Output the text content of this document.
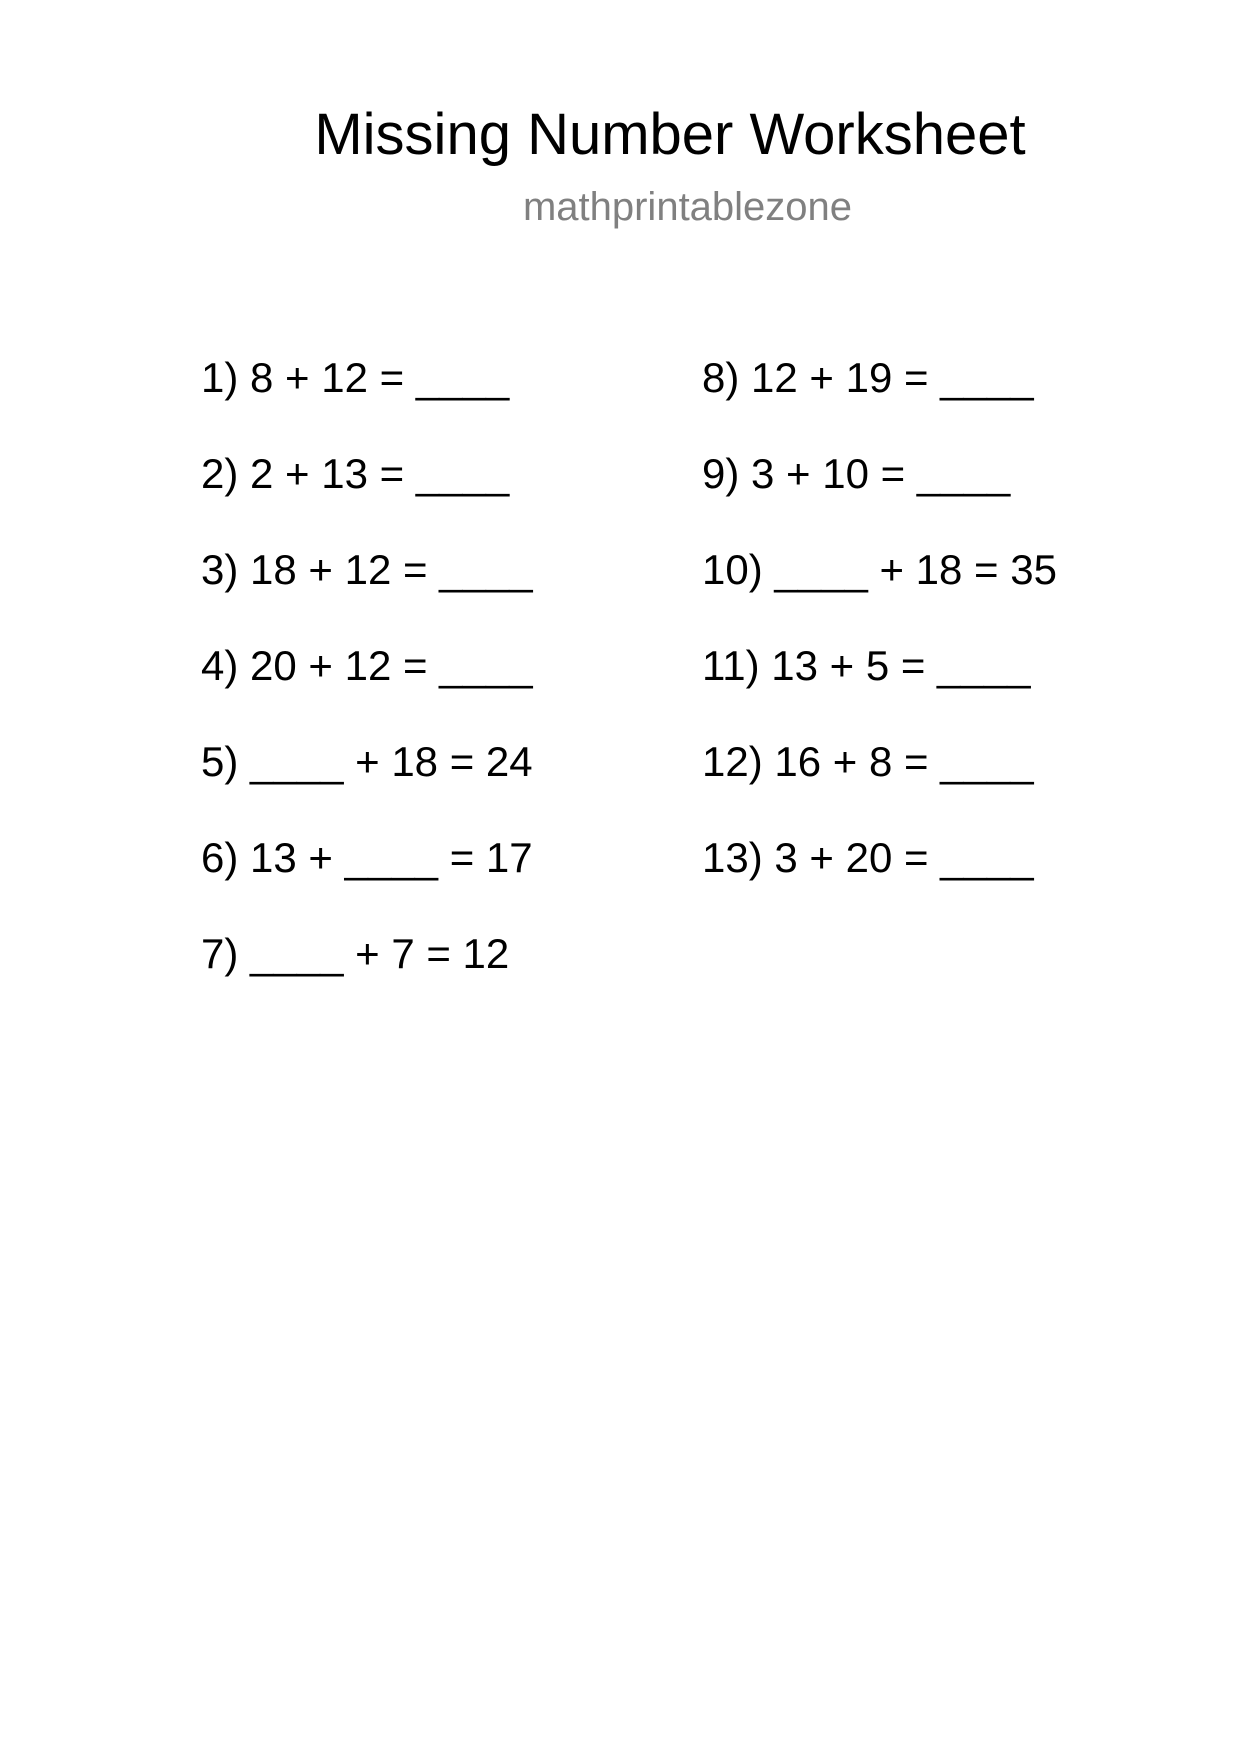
Missing Number Worksheet
mathprintablezone
1) 8 + 12 = ____
2) 2 + 13 = ____
3) 18 + 12 = ____
4) 20 + 12 = ____
5) ____ + 18 = 24
6) 13 + ____ = 17
7) ____ + 7 = 12
8) 12 + 19 = ____
9) 3 + 10 = ____
10) ____ + 18 = 35
11) 13 + 5 = ____
12) 16 + 8 = ____
13) 3 + 20 = ____
